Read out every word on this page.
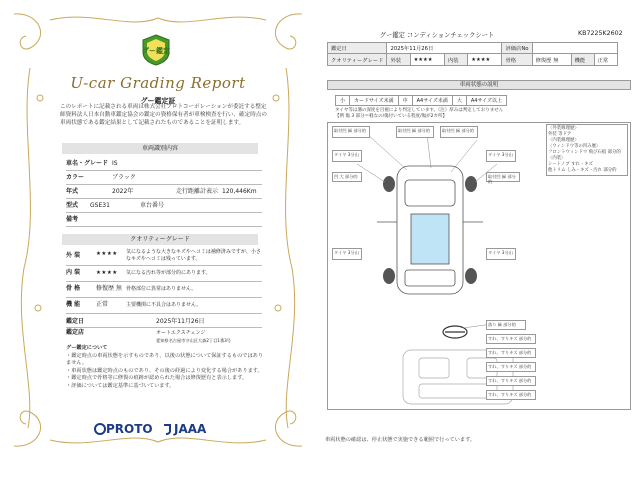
グー鑑定
U-car Grading Report
グー鑑定証
このレポートに記載される車両は株式会社プロトコーポレーションが委託する整定師資料法人日本自動車鑑定協会の鑑定の資格保有者が車検検査を行い、確定時点の車両状態である鑑定結果として記載されたものであることを証明します。
車両識別内容
車名・グレード IS
カラー	ブラック
年式	2022年	走行距離計表示 120,446Km
型式 GSE31	車台番号
備考
クオリティーグレード
外 装	★★★★ 気になるような大きなキズやヘコミは補修済みですが、小さなキズやヘコミは残っています。
内 装	★★★★ 気になる汚れ等が部分的にあります。
骨 格	修復歴 無 骨格部位に異常はありません。
機 能	正常	主要機関に不具合はありません。
鑑定日	2025年11月26日
鑑定店	オートエクスチェンジ
愛知県名古屋市守山区大森2丁目1番3号
グー鑑定について
・鑑定時点の車両状態を示すものであり、以後の状態について保証するものではありません。
・車両状態は鑑定時点のものであり、その後の経過により変化する場合があります。
・鑑定時点で骨格等に修復の痕跡が認められた場合は修復歴有と表示します。
・評価については鑑定基準に基づいています。
PROTO JAAA
グー鑑定 コンディションチェックシート	KB7225K2602
鑑定日	2025年11月26日	評価店No	
クオリティーグレード	外装	★★★★	内装	★★★★
		骨格	修復歴 無	機能	正常
車両状態の説明
小	カードサイズ未満	中	A4サイズ未満	大	A4サイズ以上
タイヤ等は溝の深度を目視により判定しています。（注）厚みは判定しておりません
【例 傷 3 部分＝軽なの/傷付いている程度/傷が2カ所】
取付凹 緑 部分的	取付凹 緑 部分的	取付凹 緑 部分的
タイヤ 3分山	タイヤ 3分山
タイヤ 3分山	タイヤ 3分山
凹 大 部分的	取付凹 緑 部分的
落り 緑 部分的
すれ、すりキズ 部分的
すれ、すりキズ 部分的
すれ、すりキズ 部分的
すれ、すりキズ 部分的
すれ、すりキズ 部分的
〈外装修理歴〉
外装 等ドア
〈内装修理歴〉
〈ウィンドウ等の凹み歴〉
フロントウィンドウ 飛び石痕 部分的
〈内装〉
シートノブ すれ・キズ
他トリム しみ・キズ・汚れ 部分的
車両状態の確認は、停止状態で実施できる範囲で行っています。
